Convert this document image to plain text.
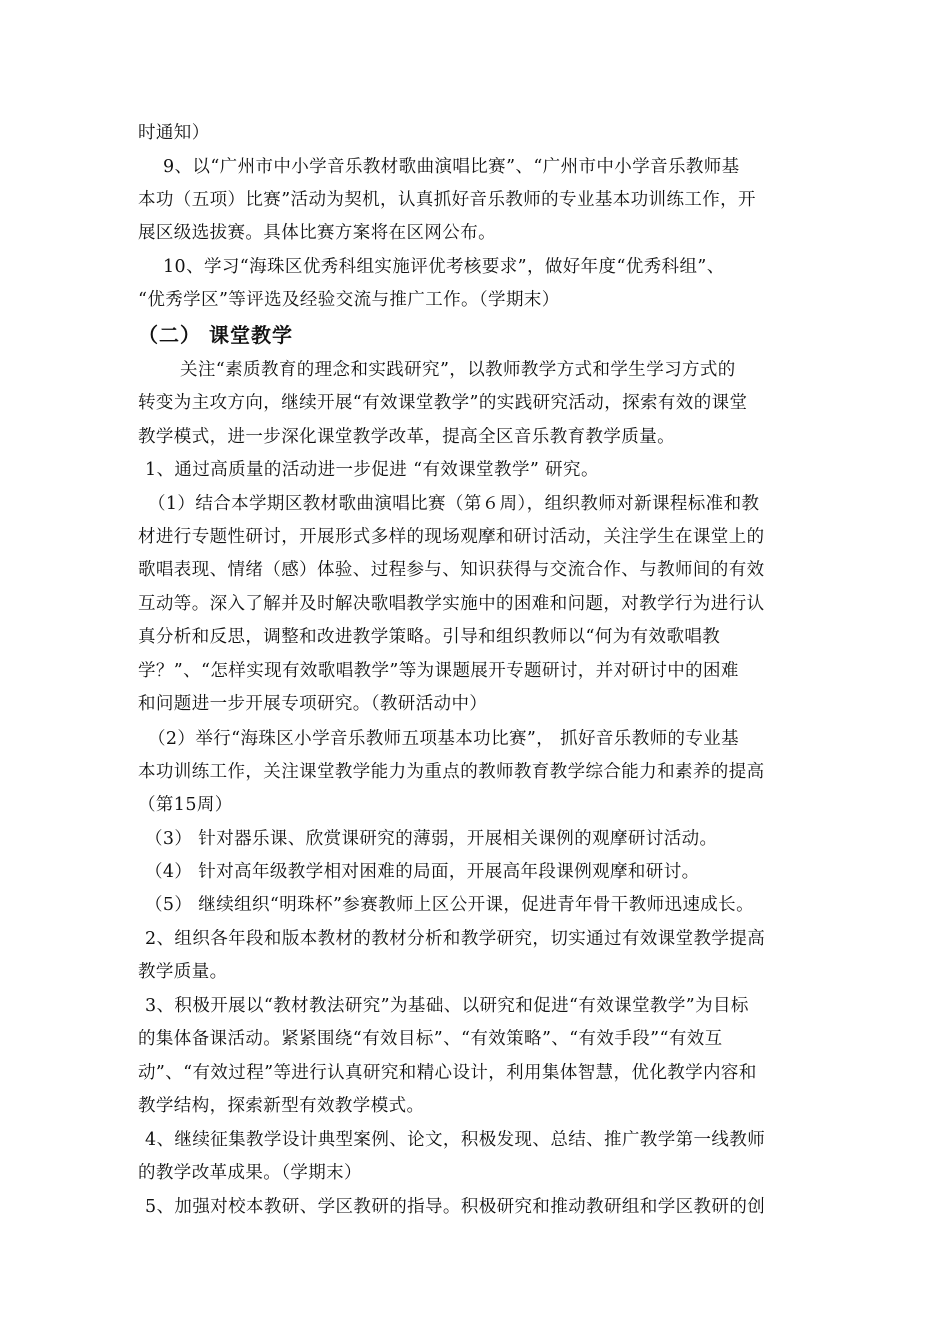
时通知）
9、以“广州市中小学音乐教材歌曲演唱比赛”、“广州市中小学音乐教师基
本功（五项）比赛”活动为契机，认真抓好音乐教师的专业基本功训练工作，开
展区级选拔赛。具体比赛方案将在区网公布。
10、学习“海珠区优秀科组实施评优考核要求”，做好年度“优秀科组”、
“优秀学区”等评选及经验交流与推广工作。（学期末）
（二） 课堂教学
关注“素质教育的理念和实践研究”，以教师教学方式和学生学习方式的
转变为主攻方向，继续开展“有效课堂教学”的实践研究活动，探索有效的课堂
教学模式，进一步深化课堂教学改革，提高全区音乐教育教学质量。
1、通过高质量的活动进一步促进 “有效课堂教学” 研究。
（1）结合本学期区教材歌曲演唱比赛（第６周），组织教师对新课程标准和教
材进行专题性研讨，开展形式多样的现场观摩和研讨活动，关注学生在课堂上的
歌唱表现、情绪（感）体验、过程参与、知识获得与交流合作、与教师间的有效
互动等。深入了解并及时解决歌唱教学实施中的困难和问题，对教学行为进行认
真分析和反思，调整和改进教学策略。引导和组织教师以“何为有效歌唱教
学？”、“怎样实现有效歌唱教学”等为课题展开专题研讨，并对研讨中的困难
和问题进一步开展专项研究。（教研活动中）
（2）举行“海珠区小学音乐教师五项基本功比赛”， 抓好音乐教师的专业基
本功训练工作，关注课堂教学能力为重点的教师教育教学综合能力和素养的提高
（第15周）
（3） 针对器乐课、欣赏课研究的薄弱，开展相关课例的观摩研讨活动。
（4） 针对高年级教学相对困难的局面，开展高年段课例观摩和研讨。
（5） 继续组织“明珠杯”参赛教师上区公开课，促进青年骨干教师迅速成长。
2、组织各年段和版本教材的教材分析和教学研究，切实通过有效课堂教学提高
教学质量。
3、积极开展以“教材教法研究”为基础、以研究和促进“有效课堂教学”为目标
的集体备课活动。紧紧围绕“有效目标”、“有效策略”、“有效手段”“有效互
动”、“有效过程”等进行认真研究和精心设计，利用集体智慧，优化教学内容和
教学结构，探索新型有效教学模式。
4、继续征集教学设计典型案例、论文，积极发现、总结、推广教学第一线教师
的教学改革成果。（学期末）
5、加强对校本教研、学区教研的指导。积极研究和推动教研组和学区教研的创
